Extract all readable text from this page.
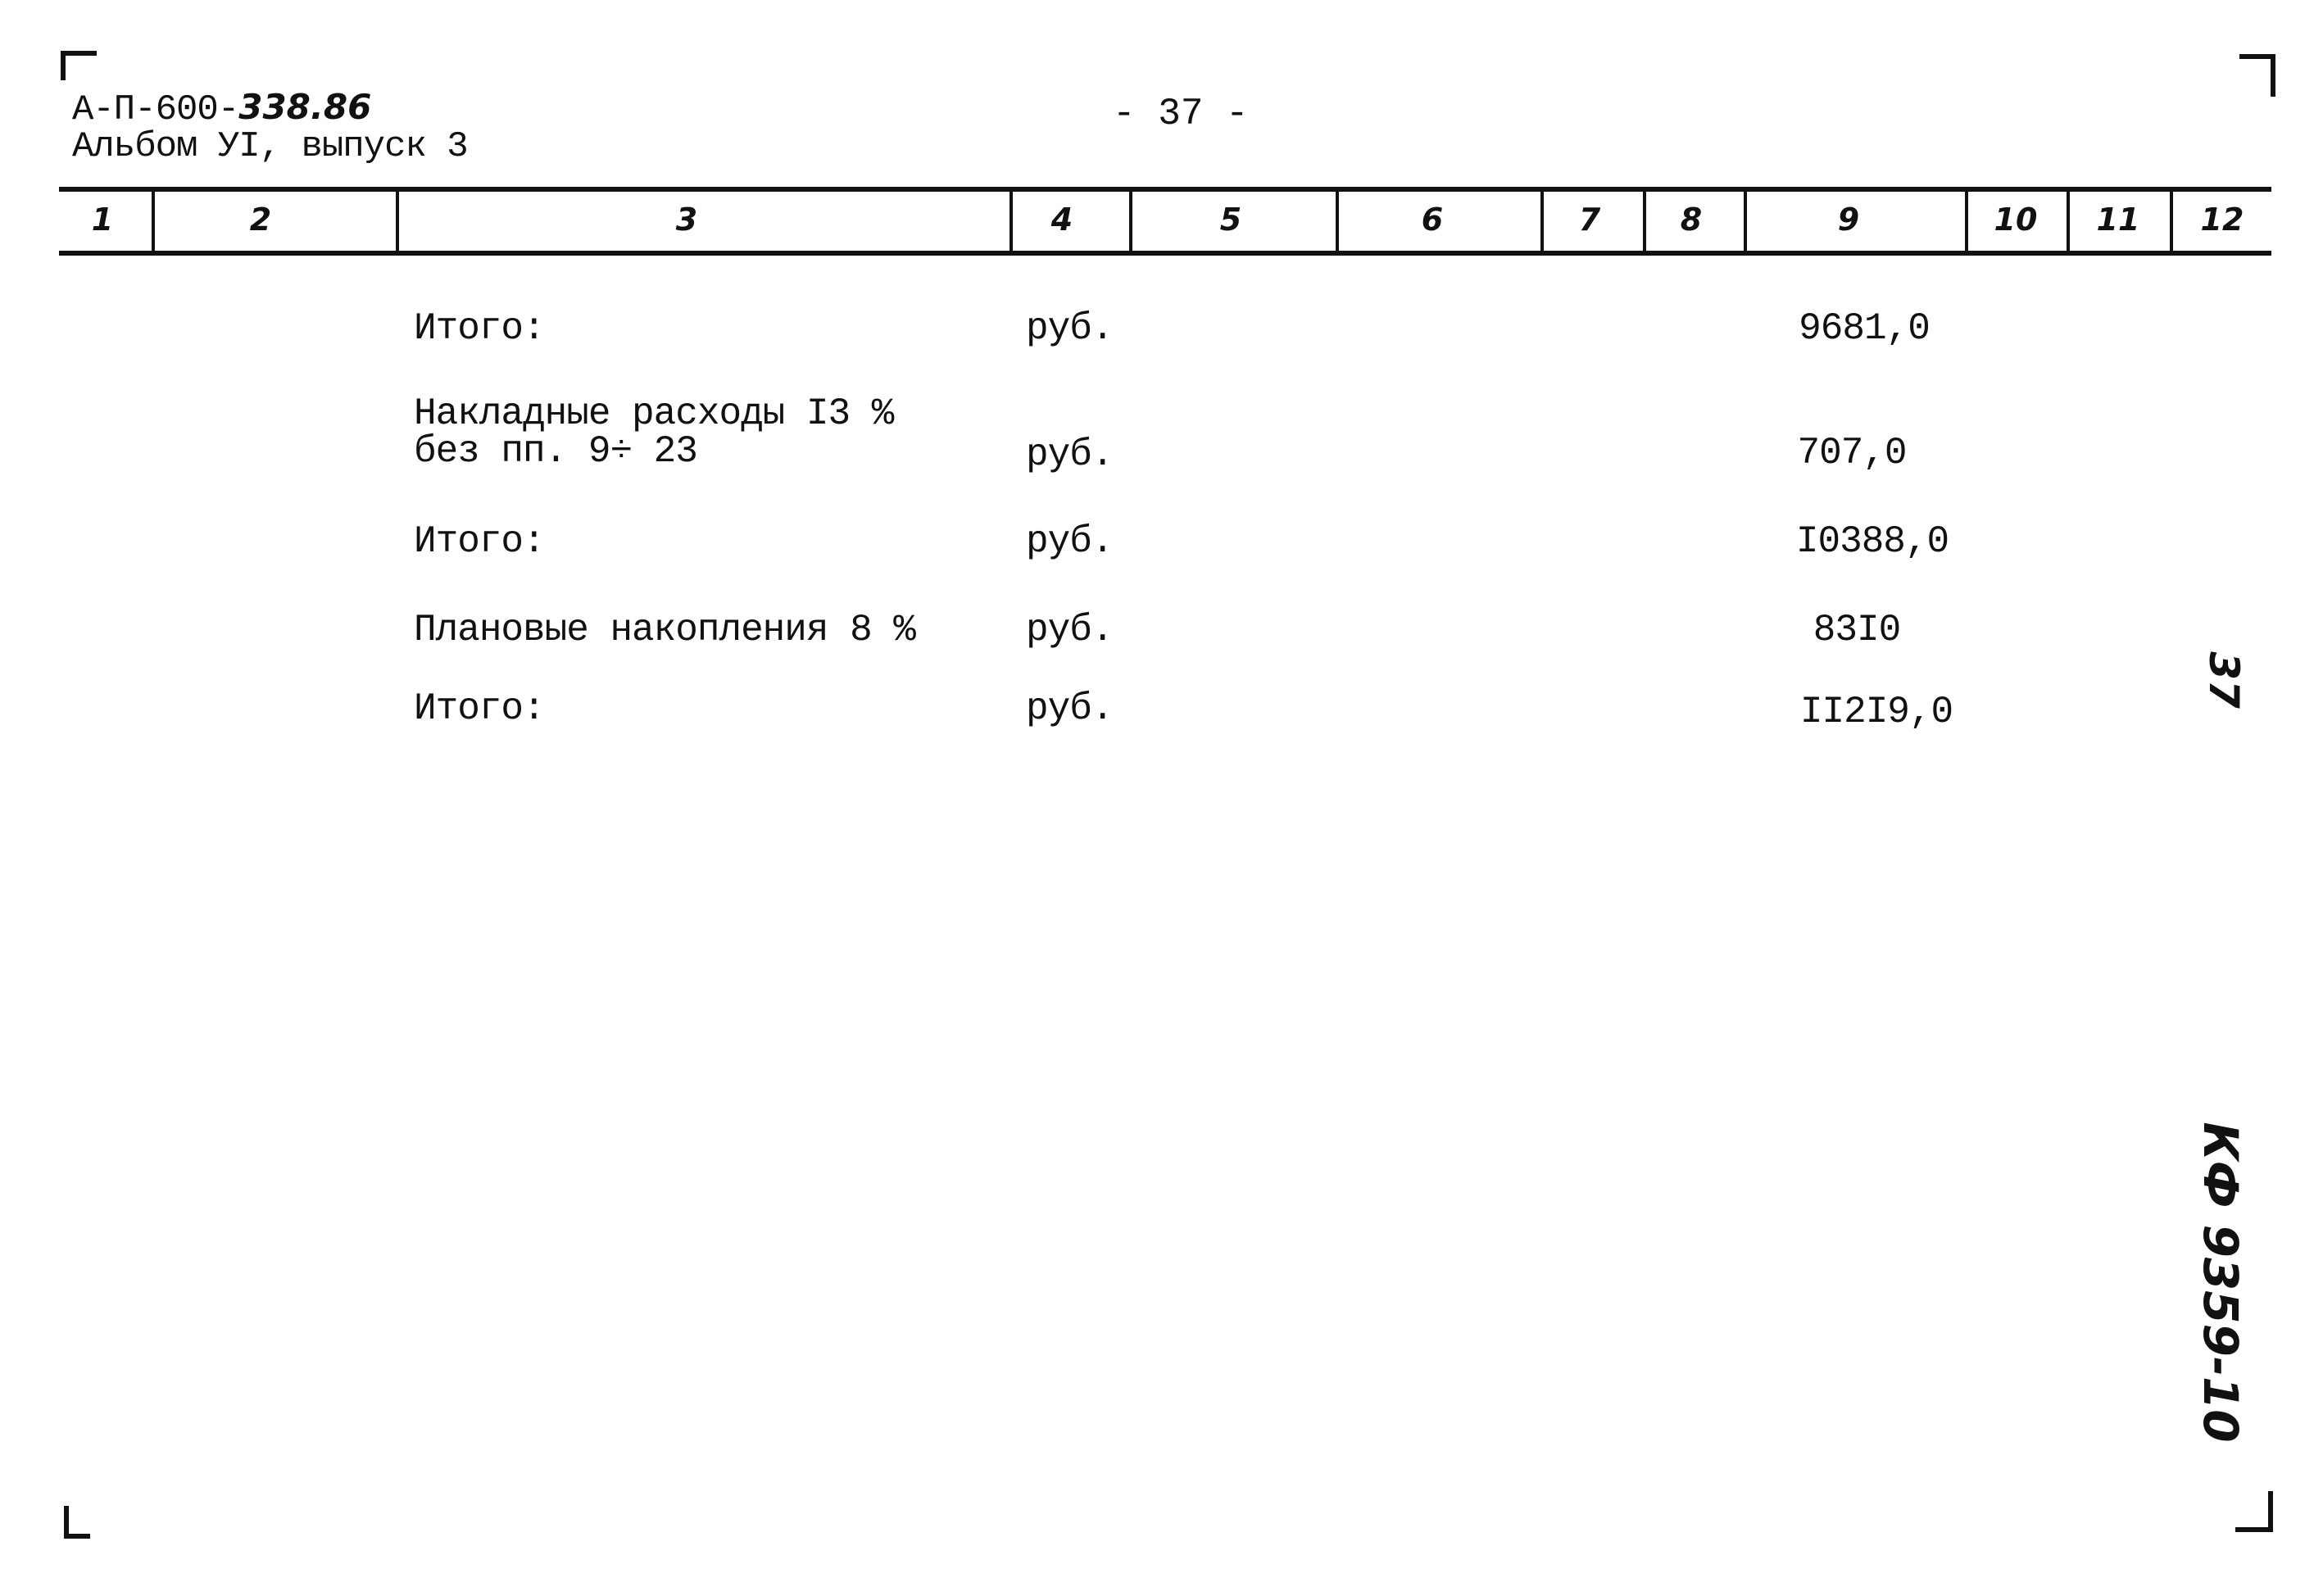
А-П-600-338.86
Альбом УI, выпуск 3
- 37 -
1	2	3	4	5	6	7	8	9	10	11	12
Итого:	руб.	9681,0
Накладные расходы I3 %
без пп. 9÷ 23	руб.	707,0
Итого:	руб.	I0388,0
Плановые накопления 8 %	руб.	83I0
Итого:	руб.	II2I9,0
37
КФ 9359-10
